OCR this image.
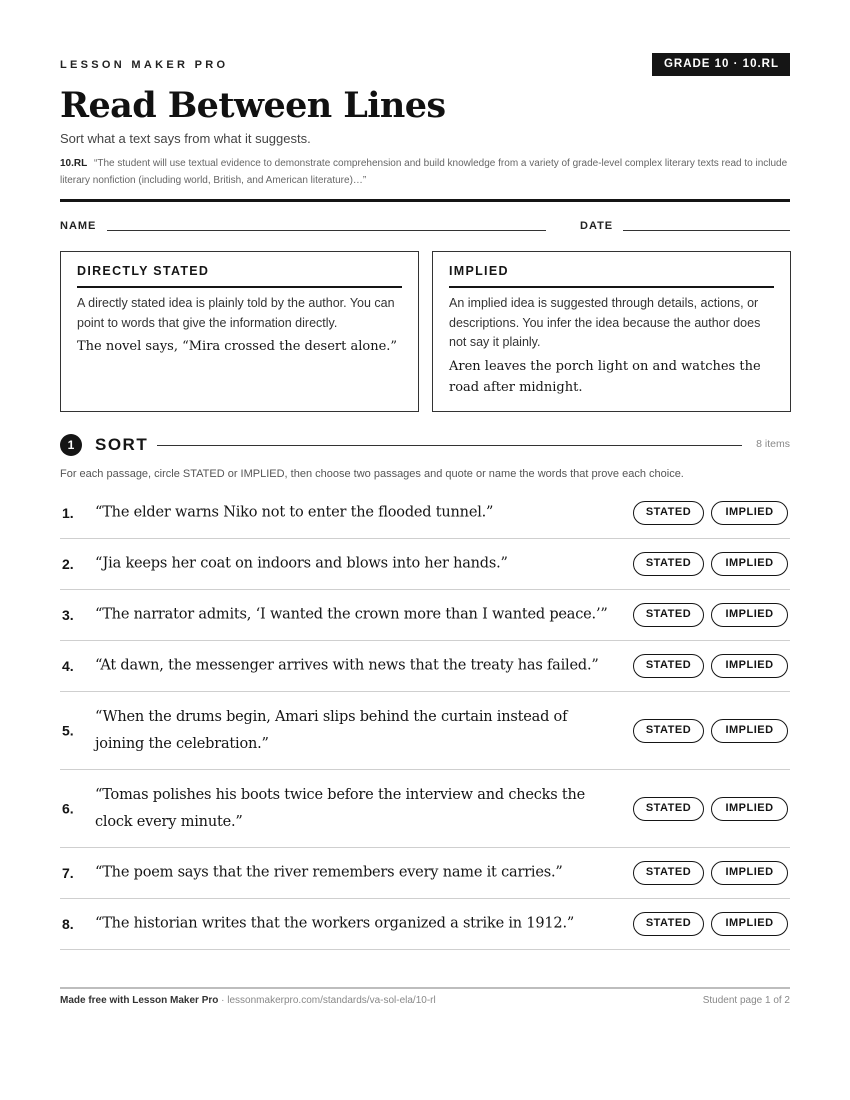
LESSON MAKER PRO	GRADE 10 · 10.RL
Read Between Lines
Sort what a text says from what it suggests.
10.RL “The student will use textual evidence to demonstrate comprehension and build knowledge from a variety of grade-level complex literary texts read to include literary nonfiction (including world, British, and American literature)…”
NAME	DATE
DIRECTLY STATED
A directly stated idea is plainly told by the author. You can point to words that give the information directly.
The novel says, “Mira crossed the desert alone.”
IMPLIED
An implied idea is suggested through details, actions, or descriptions. You infer the idea because the author does not say it plainly.
Aren leaves the porch light on and watches the road after midnight.
1	SORT	8 items
For each passage, circle STATED or IMPLIED, then choose two passages and quote or name the words that prove each choice.
1. “The elder warns Niko not to enter the flooded tunnel.”	STATED	IMPLIED
2. “Jia keeps her coat on indoors and blows into her hands.”	STATED	IMPLIED
3. “The narrator admits, ‘I wanted the crown more than I wanted peace.’”	STATED	IMPLIED
4. “At dawn, the messenger arrives with news that the treaty has failed.”	STATED	IMPLIED
5.
“When the drums begin, Amari slips behind the curtain instead of joining the celebration.”
STATED	IMPLIED
6.
“Tomas polishes his boots twice before the interview and checks the clock every minute.”
STATED	IMPLIED
7. “The poem says that the river remembers every name it carries.”	STATED	IMPLIED
8. “The historian writes that the workers organized a strike in 1912.”	STATED	IMPLIED
Made free with Lesson Maker Pro · lessonmakerpro.com/standards/va-sol-ela/10-rl	Student page 1 of 2
